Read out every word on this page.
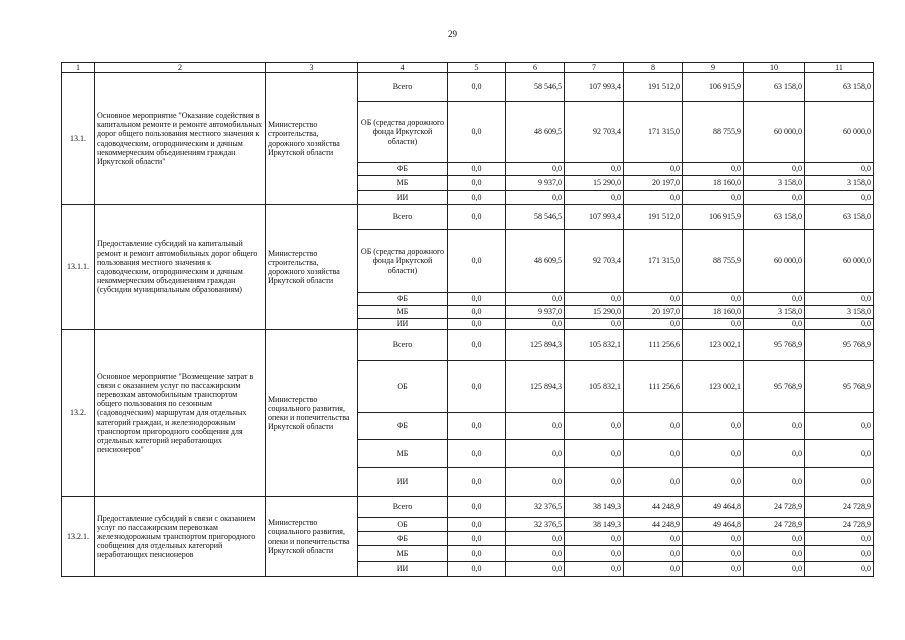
29
1	2	3	4	5	6	7	8	9	10	11
13.1.	Основное мероприятие "Оказание содействия в капитальном ремонте и ремонте автомобильных дорог общего пользования местного значения к садоводческим, огородническим и дачным некоммерческим объединениям граждан Иркутской области"	Министерство строительства, дорожного хозяйства Иркутской области	Всего	0,0	58 546,5	107 993,4	191 512,0	106 915,9	63 158,0	63 158,0
			ОБ (средства дорожного фонда Иркутской области)	0,0	48 609,5	92 703,4	171 315,0	88 755,9	60 000,0	60 000,0
			ФБ	0,0	0,0	0,0	0,0	0,0	0,0	0,0
			МБ	0,0	9 937,0	15 290,0	20 197,0	18 160,0	3 158,0	3 158,0
			ИИ	0,0	0,0	0,0	0,0	0,0	0,0	0,0
13.1.1.	Предоставление субсидий на капитальный ремонт и ремонт автомобильных дорог общего пользования местного значения к садоводческим, огородническим и дачным некоммерческим объединениям граждан (субсидии муниципальным образованиям)	Министерство строительства, дорожного хозяйства Иркутской области	Всего	0,0	58 546,5	107 993,4	191 512,0	106 915,9	63 158,0	63 158,0
			ОБ (средства дорожного фонда Иркутской области)	0,0	48 609,5	92 703,4	171 315,0	88 755,9	60 000,0	60 000,0
			ФБ	0,0	0,0	0,0	0,0	0,0	0,0	0,0
			МБ	0,0	9 937,0	15 290,0	20 197,0	18 160,0	3 158,0	3 158,0
			ИИ	0,0	0,0	0,0	0,0	0,0	0,0	0,0
13.2.	Основное мероприятие "Возмещение затрат в связи с оказанием услуг по пассажирским перевозкам автомобильным транспортом общего пользования по сезонным (садоводческим) маршрутам для отдельных категорий граждан, и железнодорожным транспортом пригородного сообщения для отдельных категорий неработающих пенсионеров"	Министерство социального развития, опеки и попечительства Иркутской области	Всего	0,0	125 894,3	105 832,1	111 256,6	123 002,1	95 768,9	95 768,9
			ОБ	0,0	125 894,3	105 832,1	111 256,6	123 002,1	95 768,9	95 768,9
			ФБ	0,0	0,0	0,0	0,0	0,0	0,0	0,0
			МБ	0,0	0,0	0,0	0,0	0,0	0,0	0,0
			ИИ	0,0	0,0	0,0	0,0	0,0	0,0	0,0
13.2.1.	Предоставление субсидий в связи с оказанием услуг по пассажирским перевозкам железнодорожным транспортом пригородного сообщения для отдельных категорий неработающих пенсионеров	Министерство социального развития, опеки и попечительства Иркутской области	Всего	0,0	32 376,5	38 149,3	44 248,9	49 464,8	24 728,9	24 728,9
			ОБ	0,0	32 376,5	38 149,3	44 248,9	49 464,8	24 728,9	24 728,9
			ФБ	0,0	0,0	0,0	0,0	0,0	0,0	0,0
			МБ	0,0	0,0	0,0	0,0	0,0	0,0	0,0
			ИИ	0,0	0,0	0,0	0,0	0,0	0,0	0,0
